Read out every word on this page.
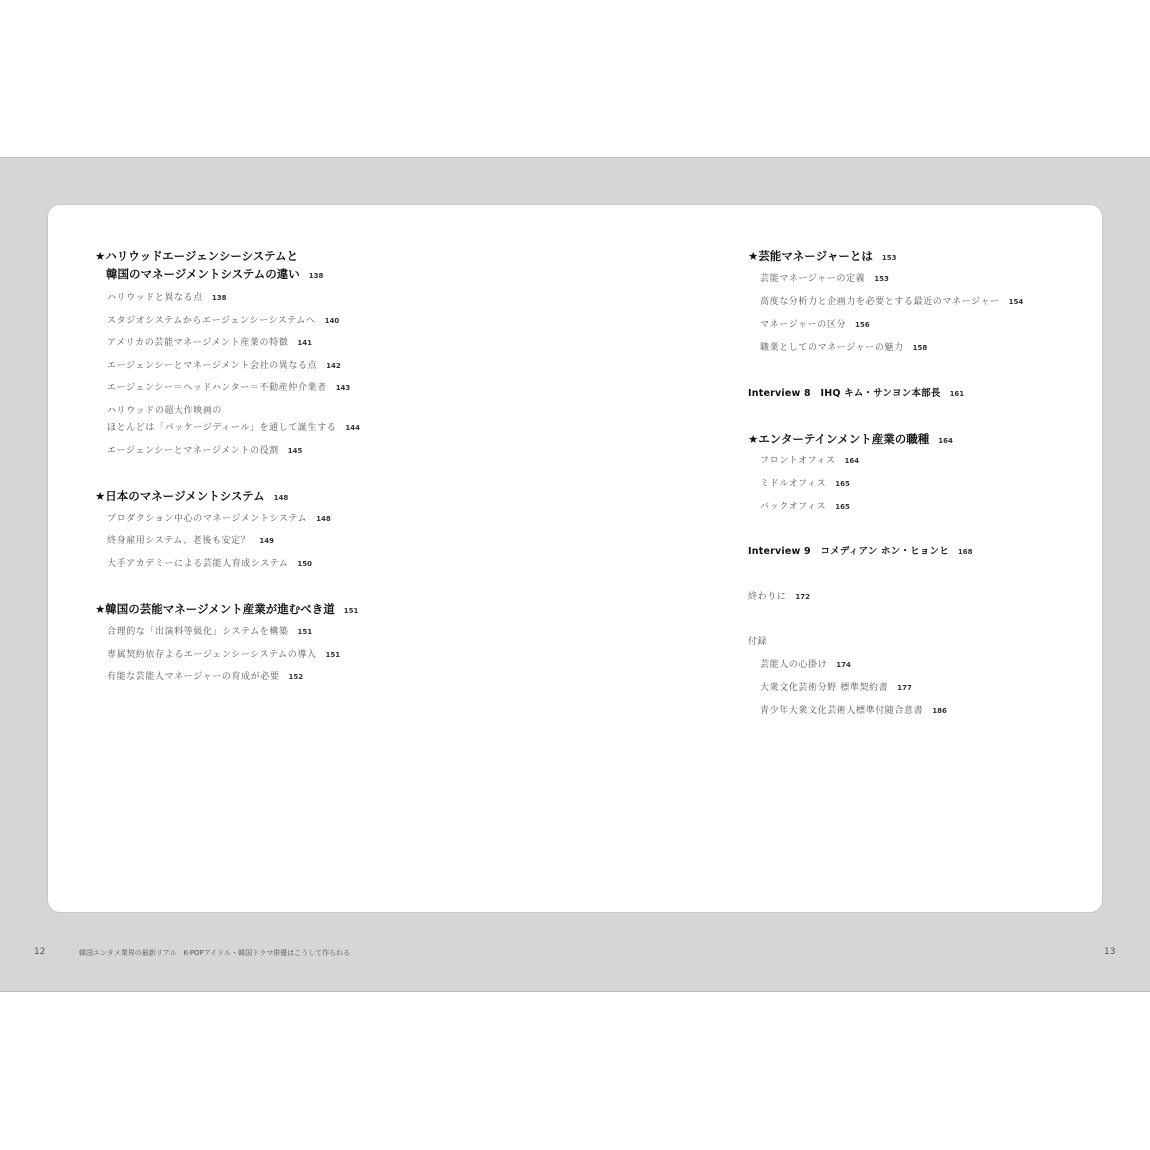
★ハリウッドエージェンシーシステムと
韓国のマネージメントシステムの違い 138
ハリウッドと異なる点 138
スタジオシステムからエージェンシーシステムへ 140
アメリカの芸能マネージメント産業の特徴 141
エージェンシーとマネージメント会社の異なる点 142
エージェンシー＝ヘッドハンター＝不動産仲介業者 143
ハリウッドの超大作映画の
ほとんどは「パッケージディール」を通して誕生する 144
エージェンシーとマネージメントの役割 145
★日本のマネージメントシステム 148
プロダクション中心のマネージメントシステム 148
終身雇用システム、老後も安定？ 149
大手アカデミーによる芸能人育成システム 150
★韓国の芸能マネージメント産業が進むべき道 151
合理的な「出演料等級化」システムを構築 151
専属契約依存よるエージェンシーシステムの導入 151
有能な芸能人マネージャーの育成が必要 152
★芸能マネージャーとは 153
芸能マネージャーの定義 153
高度な分析力と企画力を必要とする最近のマネージャー 154
マネージャーの区分 156
職業としてのマネージャーの魅力 158
Interview 8　IHQ キム・サンヨン本部長 161
★エンターテインメント産業の職種 164
フロントオフィス 164
ミドルオフィス 165
バックオフィス 165
Interview 9　コメディアン ホン・ヒョンヒ 168
終わりに 172
付録
芸能人の心掛け 174
大衆文化芸術分野 標準契約書 177
青少年大衆文化芸術人標準付随合意書 186
12	韓国エンタメ業界の最新リアル　K-POPアイドル・韓国ドラマ俳優はこうして作られる	13
